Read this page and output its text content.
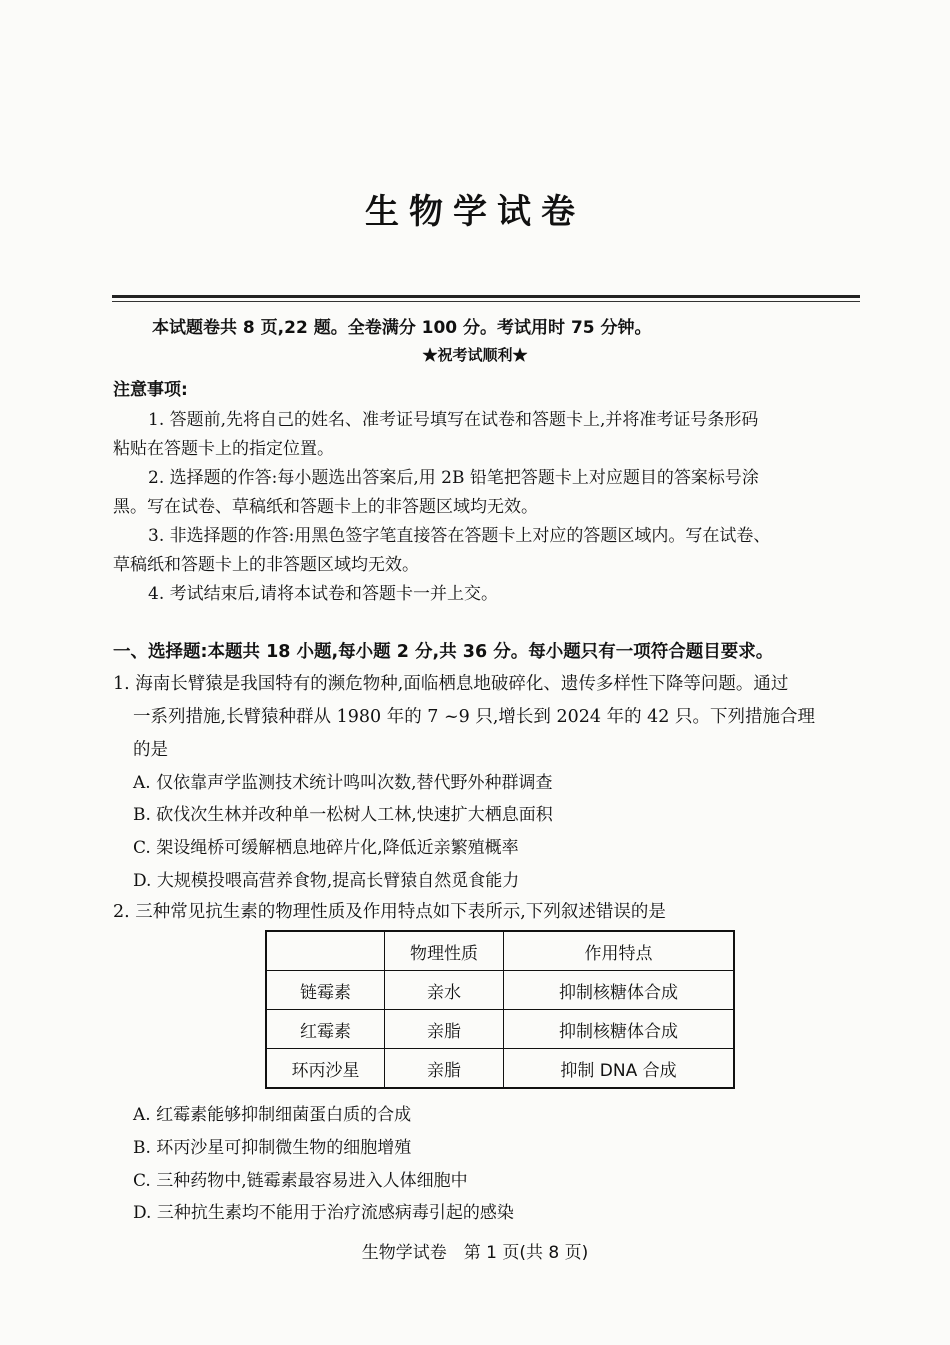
生物学试卷
本试题卷共 8 页,22 题。全卷满分 100 分。考试用时 75 分钟。
★祝考试顺利★
注意事项:
1. 答题前,先将自己的姓名、准考证号填写在试卷和答题卡上,并将准考证号条形码
粘贴在答题卡上的指定位置。
2. 选择题的作答:每小题选出答案后,用 2B 铅笔把答题卡上对应题目的答案标号涂
黑。写在试卷、草稿纸和答题卡上的非答题区域均无效。
3. 非选择题的作答:用黑色签字笔直接答在答题卡上对应的答题区域内。写在试卷、
草稿纸和答题卡上的非答题区域均无效。
4. 考试结束后,请将本试卷和答题卡一并上交。
一、选择题:本题共 18 小题,每小题 2 分,共 36 分。每小题只有一项符合题目要求。
1. 海南长臂猿是我国特有的濒危物种,面临栖息地破碎化、遗传多样性下降等问题。通过
一系列措施,长臂猿种群从 1980 年的 7 ~9 只,增长到 2024 年的 42 只。下列措施合理
的是
A. 仅依靠声学监测技术统计鸣叫次数,替代野外种群调查
B. 砍伐次生林并改种单一松树人工林,快速扩大栖息面积
C. 架设绳桥可缓解栖息地碎片化,降低近亲繁殖概率
D. 大规模投喂高营养食物,提高长臂猿自然觅食能力
2. 三种常见抗生素的物理性质及作用特点如下表所示,下列叙述错误的是
	物理性质	作用特点
链霉素	亲水	抑制核糖体合成
红霉素	亲脂	抑制核糖体合成
环丙沙星	亲脂	抑制 DNA 合成
A. 红霉素能够抑制细菌蛋白质的合成
B. 环丙沙星可抑制微生物的细胞增殖
C. 三种药物中,链霉素最容易进入人体细胞中
D. 三种抗生素均不能用于治疗流感病毒引起的感染
生物学试卷　第 1 页(共 8 页)
